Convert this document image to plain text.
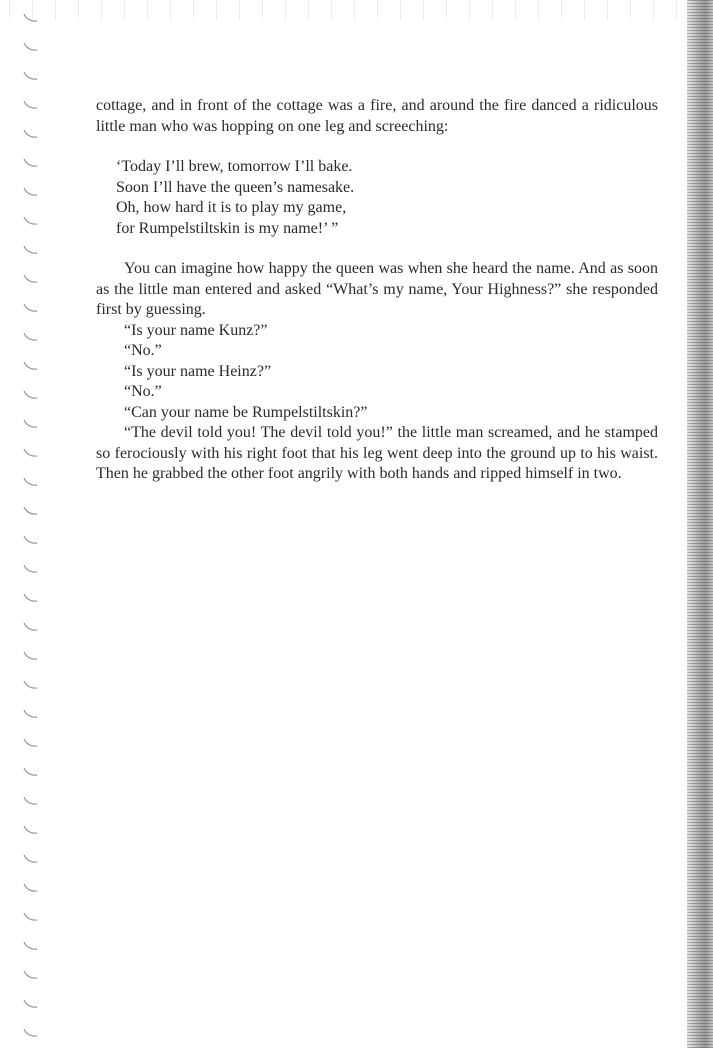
cottage, and in front of the cottage was a fire, and around the fire danced a ridiculous little man who was hopping on one leg and screeching:

‘Today I’ll brew, tomorrow I’ll bake.

Soon I’ll have the queen’s namesake.

Oh, how hard it is to play my game,

for Rumpelstiltskin is my name!’ ”

You can imagine how happy the queen was when she heard the name. And as soon as the little man entered and asked “What’s my name, Your Highness?” she responded first by guessing.

“Is your name Kunz?”

“No.”

“Is your name Heinz?”

“No.”

“Can your name be Rumpelstiltskin?”

“The devil told you! The devil told you!” the little man screamed, and he stamped so ferociously with his right foot that his leg went deep into the ground up to his waist. Then he grabbed the other foot angrily with both hands and ripped himself in two.
